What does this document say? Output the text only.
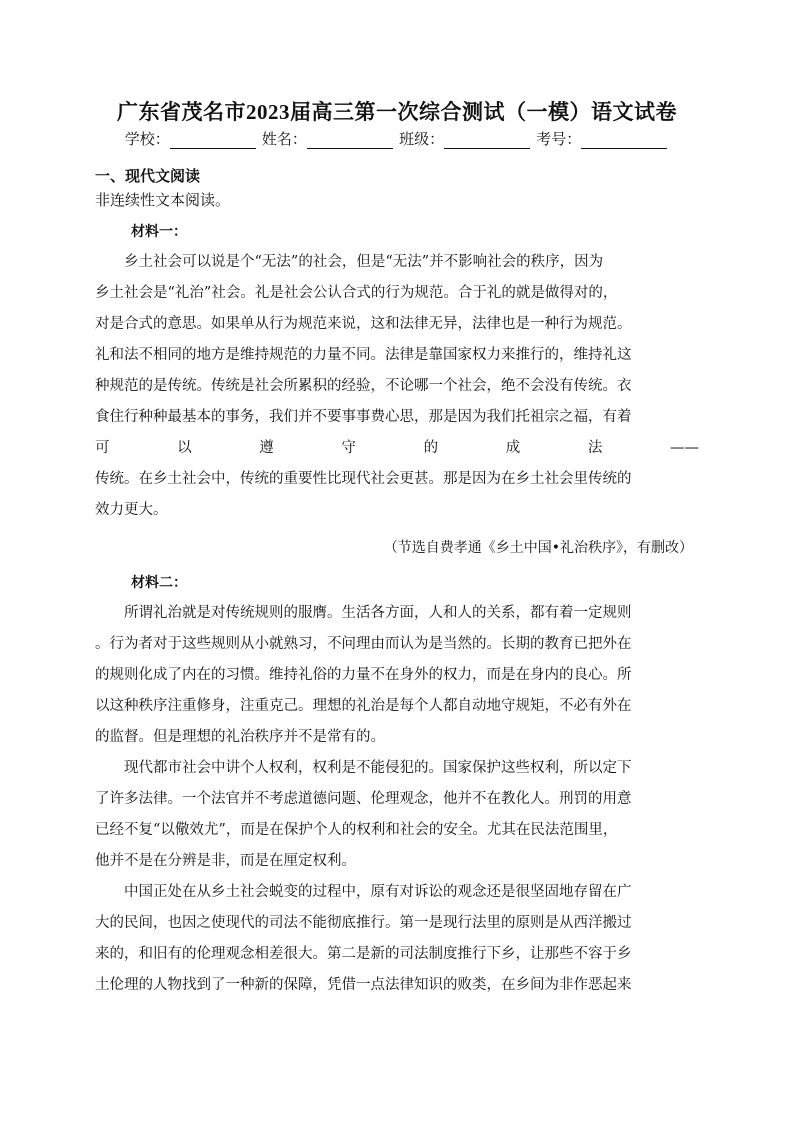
广东省茂名市2023届高三第一次综合测试（一模）语文试卷
学校：	姓名：	班级：	考号：
一、现代文阅读
非连续性文本阅读。
材料一：
　　乡土社会可以说是个“无法”的社会，但是“无法”并不影响社会的秩序，因为
乡土社会是“礼治”社会。礼是社会公认合式的行为规范。合于礼的就是做得对的，
对是合式的意思。如果单从行为规范来说，这和法律无异，法律也是一种行为规范。
礼和法不相同的地方是维持规范的力量不同。法律是靠国家权力来推行的，维持礼这
种规范的是传统。传统是社会所累积的经验，不论哪一个社会，绝不会没有传统。衣
食住行种种最基本的事务，我们并不要事事费心思，那是因为我们托祖宗之福，有着
可以遵守的成法——
传统。在乡土社会中，传统的重要性比现代社会更甚。那是因为在乡土社会里传统的
效力更大。
（节选自费孝通《乡土中国•礼治秩序》，有删改）
材料二：
　　所谓礼治就是对传统规则的服膺。生活各方面，人和人的关系，都有着一定规则
。行为者对于这些规则从小就熟习，不问理由而认为是当然的。长期的教育已把外在
的规则化成了内在的习惯。维持礼俗的力量不在身外的权力，而是在身内的良心。所
以这种秩序注重修身，注重克己。理想的礼治是每个人都自动地守规矩，不必有外在
的监督。但是理想的礼治秩序并不是常有的。
　　现代都市社会中讲个人权利，权利是不能侵犯的。国家保护这些权利，所以定下
了许多法律。一个法官并不考虑道德问题、伦理观念，他并不在教化人。刑罚的用意
已经不复“以儆效尤”，而是在保护个人的权利和社会的安全。尤其在民法范围里，
他并不是在分辨是非，而是在厘定权利。
　　中国正处在从乡土社会蜕变的过程中，原有对诉讼的观念还是很坚固地存留在广
大的民间，也因之使现代的司法不能彻底推行。第一是现行法里的原则是从西洋搬过
来的，和旧有的伦理观念相差很大。第二是新的司法制度推行下乡，让那些不容于乡
土伦理的人物找到了一种新的保障，凭借一点法律知识的败类，在乡间为非作恶起来
